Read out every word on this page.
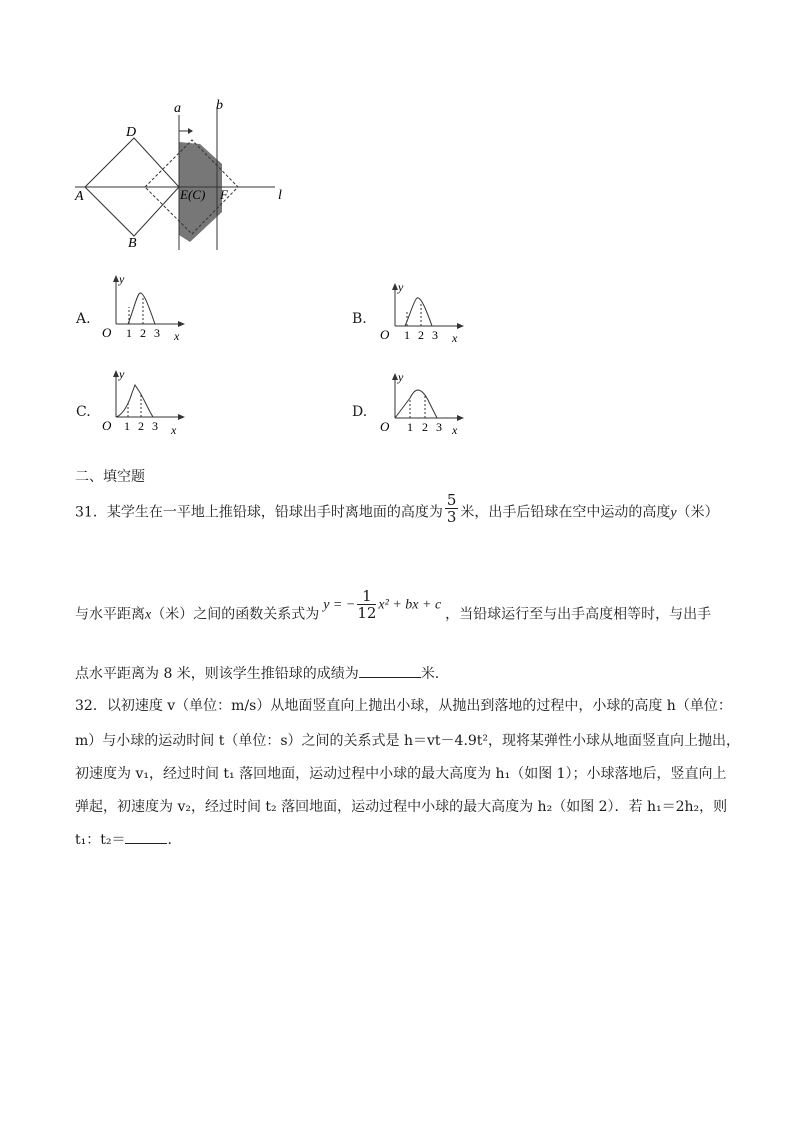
a	b
D
A
B
E(C) F	l
A.
y
O 1 2 3 x
B.
y
O 1 2 3 x
C.
y
O 1 2 3 x
D.
y
O 1 2 3 x
二、填空题
31．某学生在一平地上推铅球，铅球出手时离地面的高度为 $\frac{5}{3}$ 米，出手后铅球在空中运动的高度y（米）
与水平距离x（米）之间的函数关系式为y = − $\frac{1}{12} x^2$ + bx + c，当铅球运行至与出手高度相等时，与出手
点水平距离为 8 米，则该学生推铅球的成绩为	米.
32．以初速度 v（单位：m/s）从地面竖直向上抛出小球，从抛出到落地的过程中，小球的高度 h（单位：
m）与小球的运动时间 t（单位：s）之间的关系式是 h＝vt－4.9t²，现将某弹性小球从地面竖直向上抛出，
初速度为 v₁，经过时间 t₁ 落回地面，运动过程中小球的最大高度为 h₁（如图 1）；小球落地后，竖直向上
弹起，初速度为 v₂，经过时间 t₂ 落回地面，运动过程中小球的最大高度为 h₂（如图 2）．若 h₁＝2h₂，则
t₁：t₂＝	.
